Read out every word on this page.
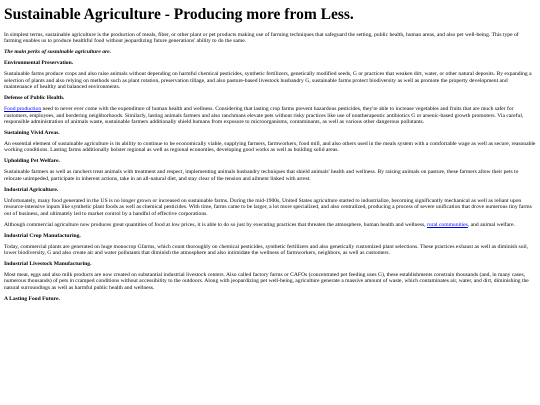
Sustainable Agriculture - Producing more from Less.

In simplest terms, sustainable agriculture is the production of meals, fiber, or other plant or pet products making use of farming techniques that safeguard the setting, public health, human areas, and also pet well-being. This type of farming enables us to produce healthful food without jeopardizing future generations' ability to do the same.

The main perks of sustainable agriculture are.

Environmental Preservation.

Sustainable farms produce crops and also raise animals without depending on harmful chemical pesticides, synthetic fertilizers, genetically modified seeds, G or practices that weaken dirt, water, or other natural deposits. By expanding a selection of plants and also relying on methods such as plant rotation, preservation tillage, and also pasture-based livestock husbandry G, sustainable farms protect biodiversity as well as promote the property development and maintenance of healthy and balanced environments.

Defense of Public Health.

Food production need to never ever come with the expenditure of human health and wellness. Considering that lasting crop farms prevent hazardous pesticides, they're able to increase vegetables and fruits that are much safer for customers, employees, and bordering neighborhoods. Similarly, lasting animals farmers and also ranchmans elevate pets without risky practices like use of nontherapeutic antibiotics G or arsenic-based growth promoters. Via careful, responsible administration of animals waste, sustainable farmers additionally shield humans from exposure to microorganisms, contaminants, as well as various other dangerous pollutants.

Sustaining Vivid Areas.

An essential element of sustainable agriculture is its ability to continue to be economically viable, supplying farmers, farmworkers, food mill, and also others used in the meals system with a comfortable wage as well as secure, reasonable working conditions. Lasting farms additionally bolster regional as well as regional economies, developing good works as well as building solid areas.

Upholding Pet Welfare.

Sustainable farmers as well as ranchers treat animals with treatment and respect, implementing animals husbandry techniques that shield animals' health and wellness. By raising animals on pasture, these farmers allow their pets to relocate unimpeded, participate in inherent actions, take in an all-natural diet, and stay clear of the tension and ailment linked with arrest.

Industrial Agriculture.

Unfortunately, many food generated in the US is no longer grown or increased on sustainable farms. During the mid-1900s, United States agriculture started to industrialize, becoming significantly mechanical as well as reliant upon resource-intensive inputs like synthetic plant foods as well as chemical pesticides. With time, farms came to be larger, a lot more specialized, and also centralized, producing a process of severe unification that drove numerous tiny farms out of business, and ultimately led to market control by a handful of effective corporations.

Although commercial agriculture now produces great quantities of food at low prices, it is able to do so just by executing practices that threaten the atmosphere, human health and wellness, rural communities, and animal welfare.

Industrial Crop Manufacturing.

Today, commercial plants are generated on huge monocrop Gfarms, which count thoroughly on chemical pesticides, synthetic fertilizers and also genetically customized plant selections. These practices exhaust as well as diminish soil, lower biodiversity, G and also create air and water pollutants that diminish the atmosphere and also intimidate the wellness of farmworkers, neighbors, as well as customers.

Industrial Livestock Manufacturing.

Most meat, eggs and also milk products are now created on substantial industrial livestock centers. Also called factory farms or CAFOs (concentrated pet feeding uses G), these establishments constrain thousands (and, in many cases, numerous thousands) of pets in cramped conditions without accessibility to the outdoors. Along with jeopardizing pet well-being, agriculture generate a massive amount of waste, which contaminates air, water, and dirt, diminishing the natural surroundings as well as harmful public health and wellness.

A Lasting Food Future.
